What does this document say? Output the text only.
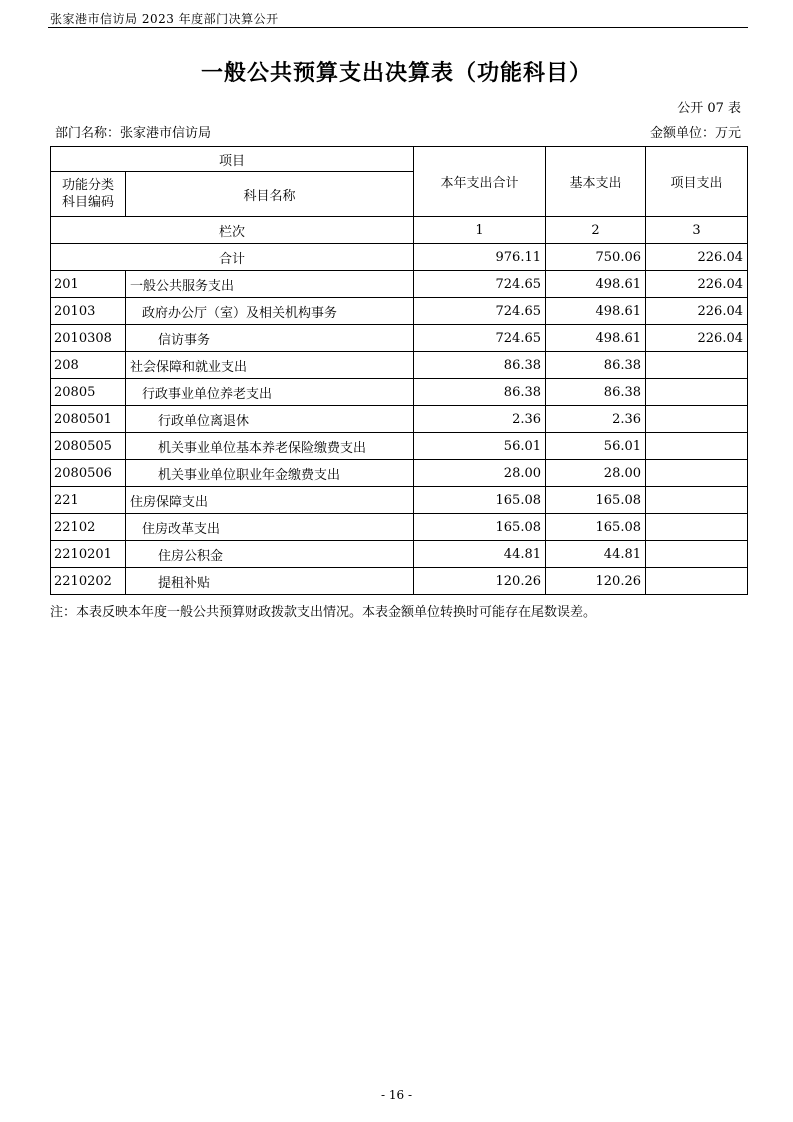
张家港市信访局 2023 年度部门决算公开
一般公共预算支出决算表（功能科目）
公开 07 表
部门名称：张家港市信访局	金额单位：万元
项目		本年支出合计	基本支出	项目支出

功能分类
科目编码	科目名称			
栏次		1	2	3
合计		976.11	750.06	226.04
201	一般公共服务支出	724.65	498.61	226.04
20103	政府办公厅（室）及相关机构事务	724.65	498.61	226.04
2010308	信访事务	724.65	498.61	226.04
208	社会保障和就业支出	86.38	86.38	
20805	行政事业单位养老支出	86.38	86.38	
2080501	行政单位离退休	2.36	2.36	
2080505	机关事业单位基本养老保险缴费支出	56.01	56.01	
2080506	机关事业单位职业年金缴费支出	28.00	28.00	
221	住房保障支出	165.08	165.08	
22102	住房改革支出	165.08	165.08	
2210201	住房公积金	44.81	44.81	
2210202	提租补贴	120.26	120.26	
注：本表反映本年度一般公共预算财政拨款支出情况。本表金额单位转换时可能存在尾数误差。
- 16 -
